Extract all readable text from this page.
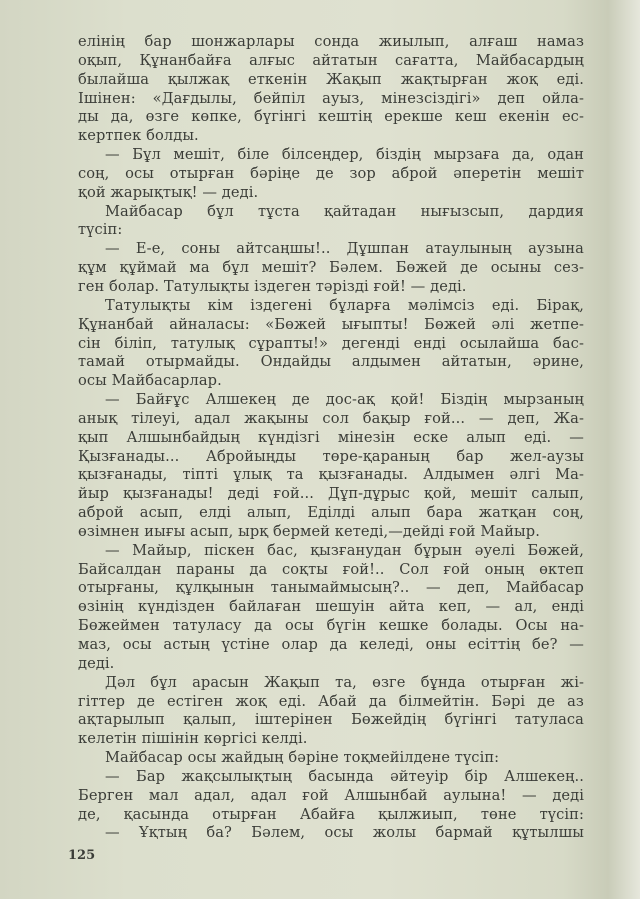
елінің бар шонжарлары сонда жиылып, алғаш намаз
оқып, Құнанбайға алғыс айтатын сағатта, Майбасардың
былайша қылжақ еткенін Жақып жақтырған жоқ еді.
Ішінен: «Дағдылы, бейпіл ауыз, мінезсіздігі» деп ойла-
ды да, өзге көпке, бүгінгі кештің ерекше кеш екенін ес-
кертпек болды.
— Бұл мешіт, біле білсеңдер, біздің мырзаға да, одан
соң, осы отырған бәріңе де зор аброй әперетін мешіт
қой жарықтық! — деді.
Майбасар бұл тұста қайтадан нығызсып, дардия
түсіп:
— Е-е, соны айтсаңшы!.. Дұшпан атаулының аузына
құм құймай ма бұл мешіт? Бәлем. Бөжей де осыны сез-
ген болар. Татулықты іздеген тәрізді ғой! — деді.
Татулықты кім іздегені бұларға мәлімсіз еді. Бірақ,
Құнанбай айналасы: «Бөжей ығыпты! Бөжей әлі жетпе-
сін біліп, татулық сұрапты!» дегенді енді осылайша бас-
тамай отырмайды. Ондайды алдымен айтатын, әрине,
осы Майбасарлар.
— Байғұс Алшекең де дос-ақ қой! Біздің мырзаның
анық тілеуі, адал жақыны сол бақыр ғой... — деп, Жа-
қып Алшынбайдың күндізгі мінезін еске алып еді. —
Қызғанады... Абройыңды төре-қараның бар жел-аузы
қызғанады, тіпті ұлық та қызғанады. Алдымен әлгі Ма-
йыр қызғанады! деді ғой... Дұп-дұрыс қой, мешіт салып,
аброй асып, елді алып, Еділді алып бара жатқан соң,
өзімнен иығы асып, ырқ бермей кетеді,—дейді ғой Майыр.
— Майыр, піскен бас, қызғанудан бұрын әуелі Бөжей,
Байсалдан параны да соқты ғой!.. Сол ғой оның өктеп
отырғаны, құлқынын танымаймысың?.. — деп, Майбасар
өзінің күндізден байлаған шешуін айта кеп, — ал, енді
Бөжеймен татуласу да осы бүгін кешке болады. Осы на-
маз, осы астың үстіне олар да келеді, оны есіттің бе? —
деді.
Дәл бұл арасын Жақып та, өзге бұнда отырған жі-
гіттер де естіген жоқ еді. Абай да білмейтін. Бәрі де аз
ақтарылып қалып, іштерінен Бөжейдің бүгінгі татуласа
келетін пішінін көргісі келді.
Майбасар осы жайдың бәріне тоқмейілдене түсіп:
— Бар жақсылықтың басында әйтеуір бір Алшекең..
Берген мал адал, адал ғой Алшынбай аулына! — деді
де, қасында отырған Абайға қылжиып, төне түсіп:
— Ұқтың ба? Бәлем, осы жолы бармай құтылшы
125
